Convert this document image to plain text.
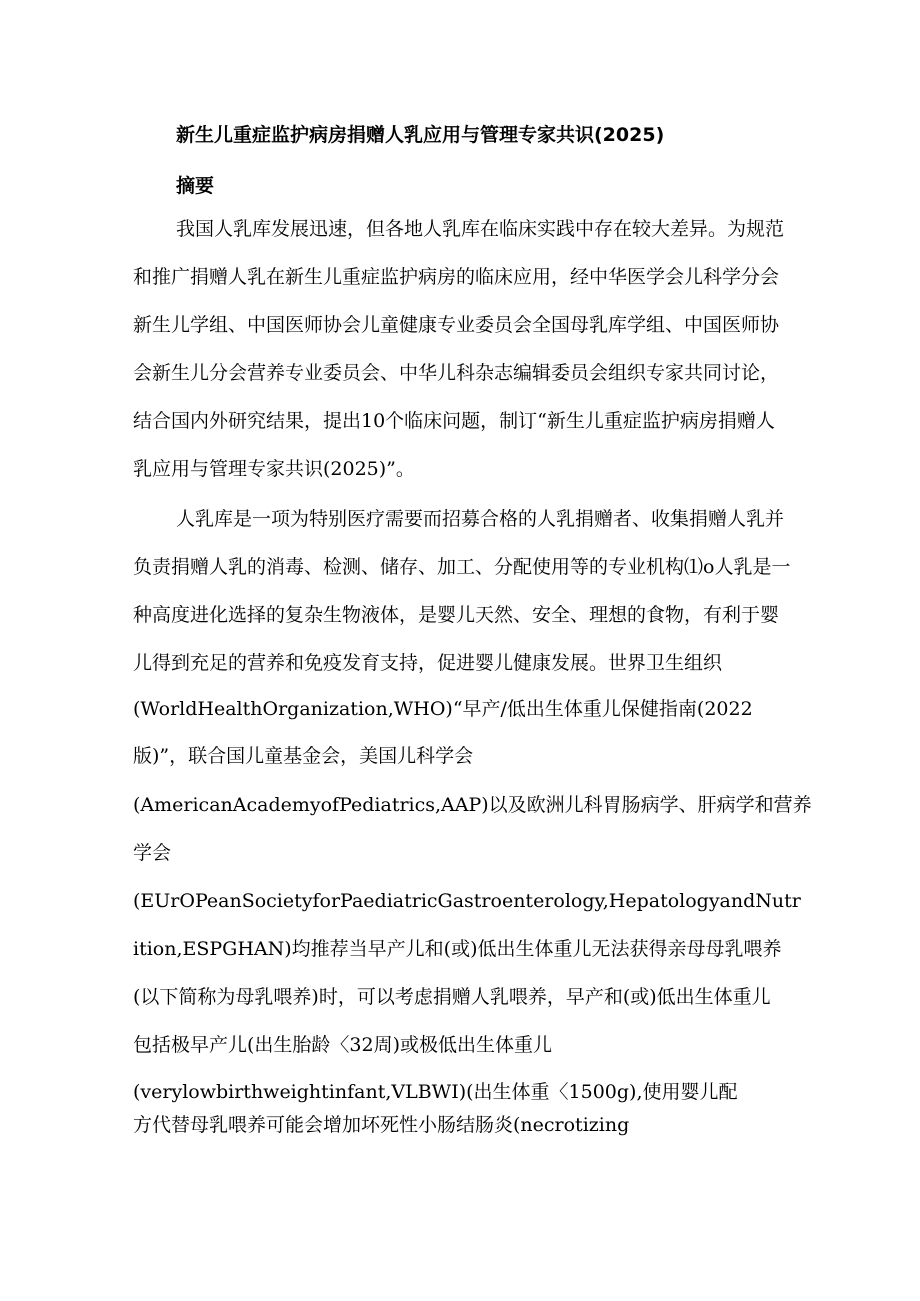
新生儿重症监护病房捐赠人乳应用与管理专家共识(2025)
摘要
我国人乳库发展迅速，但各地人乳库在临床实践中存在较大差异。为规范
和推广捐赠人乳在新生儿重症监护病房的临床应用，经中华医学会儿科学分会
新生儿学组、中国医师协会儿童健康专业委员会全国母乳库学组、中国医师协
会新生儿分会营养专业委员会、中华儿科杂志编辑委员会组织专家共同讨论，
结合国内外研究结果，提出10个临床问题，制订“新生儿重症监护病房捐赠人
乳应用与管理专家共识(2025)”。
人乳库是一项为特别医疗需要而招募合格的人乳捐赠者、收集捐赠人乳并
负责捐赠人乳的消毒、检测、储存、加工、分配使用等的专业机构⑴o人乳是一
种高度进化选择的复杂生物液体，是婴儿天然、安全、理想的食物，有利于婴
儿得到充足的营养和免疫发育支持，促进婴儿健康发展。世界卫生组织
(WorldHealthOrganization,WHO)“早产/低出生体重儿保健指南(2022
版)”，联合国儿童基金会，美国儿科学会
(AmericanAcademyofPediatrics,AAP)以及欧洲儿科胃肠病学、肝病学和营养
学会
(EUrOPeanSocietyforPaediatricGastroenterology,HepatologyandNutr
ition,ESPGHAN)均推荐当早产儿和(或)低出生体重儿无法获得亲母母乳喂养
(以下简称为母乳喂养)时，可以考虑捐赠人乳喂养，早产和(或)低出生体重儿
包括极早产儿(出生胎龄〈32周)或极低出生体重儿
(verylowbirthweightinfant,VLBWI)(出生体重〈1500g),使用婴儿配
方代替母乳喂养可能会增加坏死性小肠结肠炎(necrotizing
